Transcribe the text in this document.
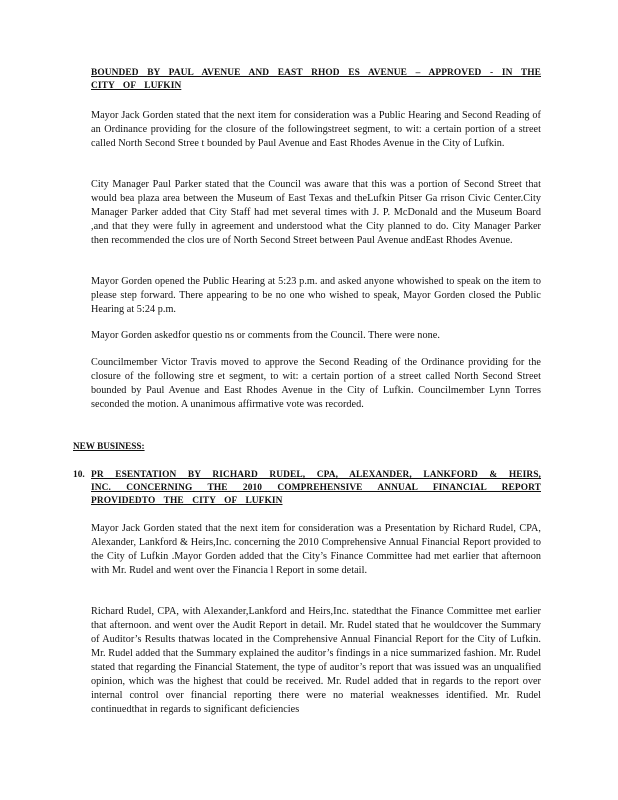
BOUNDED BY PAUL AVENUE AND EAST RHOD ES AVENUE – APPROVED - IN THE CITY OF LUFKIN
Mayor Jack Gorden stated that the next item for consideration was a Public Hearing and Second Reading of an Ordinance providing for the closure of the followingstreet segment, to wit: a certain portion of a street called North Second Stree t bounded by Paul Avenue and East Rhodes Avenue in the City of Lufkin.
City Manager Paul Parker stated that the Council was aware that this was a portion of Second Street that would bea plaza area between the Museum of East Texas and theLufkin Pitser Ga rrison Civic Center.City Manager Parker added that City Staff had met several times with J. P. McDonald and the Museum Board ,and that they were fully in agreement and understood what the City planned to do. City Manager Parker then recommended the clos ure of North Second Street between Paul Avenue andEast Rhodes Avenue.
Mayor Gorden opened the Public Hearing at 5:23 p.m. and asked anyone whowished to speak on the item to please step forward. There appearing to be no one who wished to speak, Mayor Gorden closed the Public Hearing at 5:24 p.m.
Mayor Gorden askedfor questio ns or comments from the Council. There were none.
Councilmember Victor Travis moved to approve the Second Reading of the Ordinance providing for the closure of the following stre et segment, to wit: a certain portion of a street called North Second Street bounded by Paul Avenue and East Rhodes Avenue in the City of Lufkin. Councilmember Lynn Torres seconded the motion. A unanimous affirmative vote was recorded.
NEW BUSINESS:
10. PR ESENTATION BY RICHARD RUDEL, CPA, ALEXANDER, LANKFORD & HEIRS, INC. CONCERNING THE 2010 COMPREHENSIVE ANNUAL FINANCIAL REPORT PROVIDEDTO THE CITY OF LUFKIN
Mayor Jack Gorden stated that the next item for consideration was a Presentation by Richard Rudel, CPA, Alexander, Lankford & Heirs,Inc. concerning the 2010 Comprehensive Annual Financial Report provided to the City of Lufkin .Mayor Gorden added that the City’s Finance Committee had met earlier that afternoon with Mr. Rudel and went over the Financia l Report in some detail.
Richard Rudel, CPA, with Alexander,Lankford and Heirs,Inc. statedthat the Finance Committee met earlier that afternoon. and went over the Audit Report in detail. Mr. Rudel stated that he wouldcover the Summary of Auditor’s Results thatwas located in the Comprehensive Annual Financial Report for the City of Lufkin. Mr. Rudel added that the Summary explained the auditor’s findings in a nice summarized fashion. Mr. Rudel stated that regarding the Financial Statement, the type of auditor’s report that was issued was an unqualified opinion, which was the highest that could be received. Mr. Rudel added that in regards to the report over internal control over financial reporting there were no material weaknesses identified. Mr. Rudel continuedthat in regards to significant deficiencies
